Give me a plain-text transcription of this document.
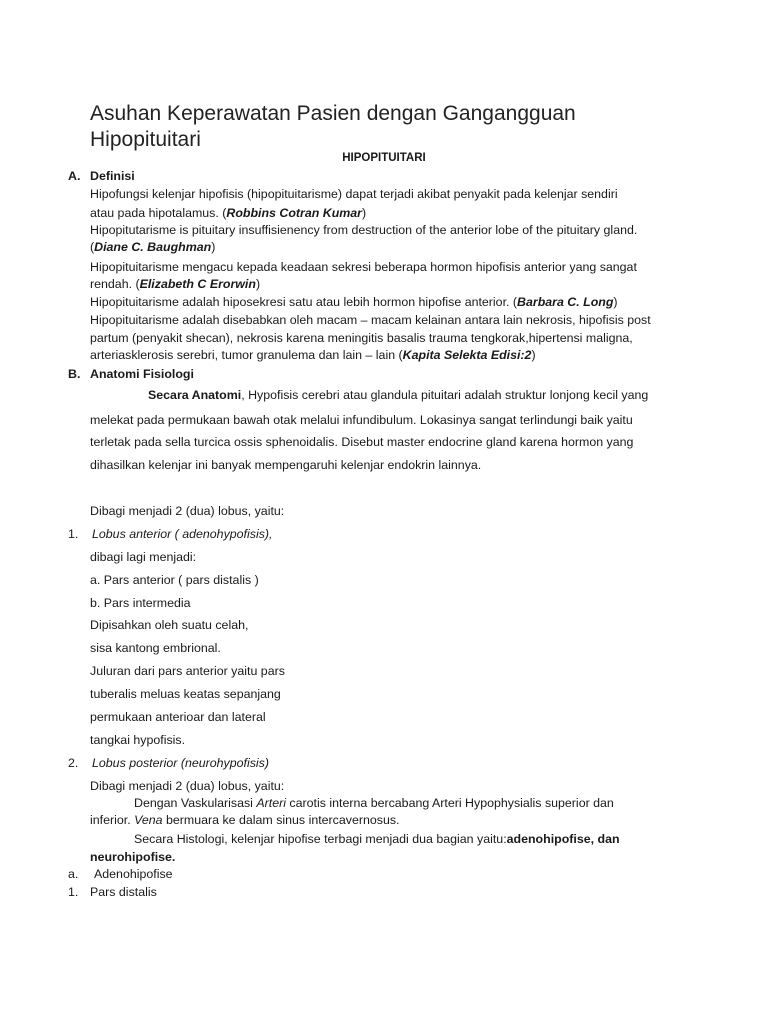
Asuhan Keperawatan Pasien dengan Gangangguan
Hipopituitari
HIPOPITUITARI
A. Definisi
Hipofungsi kelenjar hipofisis (hipopituitarisme) dapat terjadi akibat penyakit pada kelenjar sendiri
atau pada hipotalamus. (Robbins Cotran Kumar)
Hipopitutarisme is pituitary insuffisienency from destruction of the anterior lobe of the pituitary gland.
(Diane C. Baughman)
Hipopituitarisme mengacu kepada keadaan sekresi beberapa hormon hipofisis anterior yang sangat
rendah. (Elizabeth C Erorwin)
Hipopituitarisme adalah hiposekresi satu atau lebih hormon hipofise anterior. (Barbara C. Long)
Hipopituitarisme adalah disebabkan oleh macam – macam kelainan antara lain nekrosis, hipofisis post
partum (penyakit shecan), nekrosis karena meningitis basalis trauma tengkorak,hipertensi maligna,
arteriasklerosis serebri, tumor granulema dan lain – lain (Kapita Selekta Edisi:2)
B. Anatomi Fisiologi
Secara Anatomi, Hypofisis cerebri atau glandula pituitari adalah struktur lonjong kecil yang
melekat pada permukaan bawah otak melalui infundibulum. Lokasinya sangat terlindungi baik yaitu
terletak pada sella turcica ossis sphenoidalis. Disebut master endocrine gland karena hormon yang
dihasilkan kelenjar ini banyak mempengaruhi kelenjar endokrin lainnya.
Dibagi menjadi 2 (dua) lobus, yaitu:
1. Lobus anterior ( adenohypofisis),
dibagi lagi menjadi:
a. Pars anterior ( pars distalis )
b. Pars intermedia
Dipisahkan oleh suatu celah,
sisa kantong embrional.
Juluran dari pars anterior yaitu pars
tuberalis meluas keatas sepanjang
permukaan anterioar dan lateral
tangkai hypofisis.
2. Lobus posterior (neurohypofisis)
Dibagi menjadi 2 (dua) lobus, yaitu:
Dengan Vaskularisasi Arteri carotis interna bercabang Arteri Hypophysialis superior dan
inferior. Vena bermuara ke dalam sinus intercavernosus.
Secara Histologi, kelenjar hipofise terbagi menjadi dua bagian yaitu:adenohipofise, dan
neurohipofise.
a. Adenohipofise
1. Pars distalis
